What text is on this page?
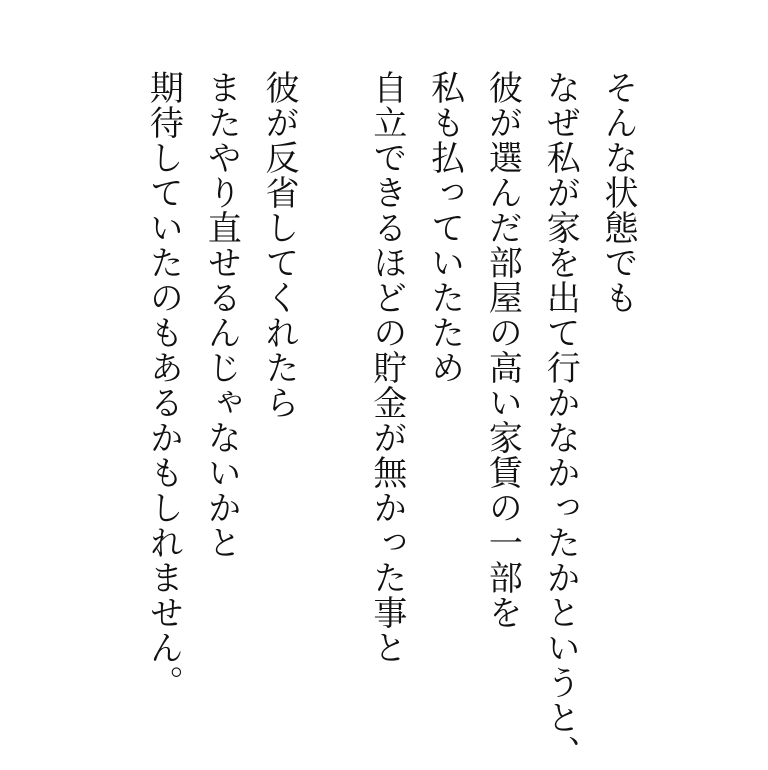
そんな状態でも
なぜ私が家を出て行かなかったかというと、
彼が選んだ部屋の高い家賃の一部を
私も払っていたため
自立できるほどの貯金が無かった事と
彼が反省してくれたら
またやり直せるんじゃないかと
期待していたのもあるかもしれません。
